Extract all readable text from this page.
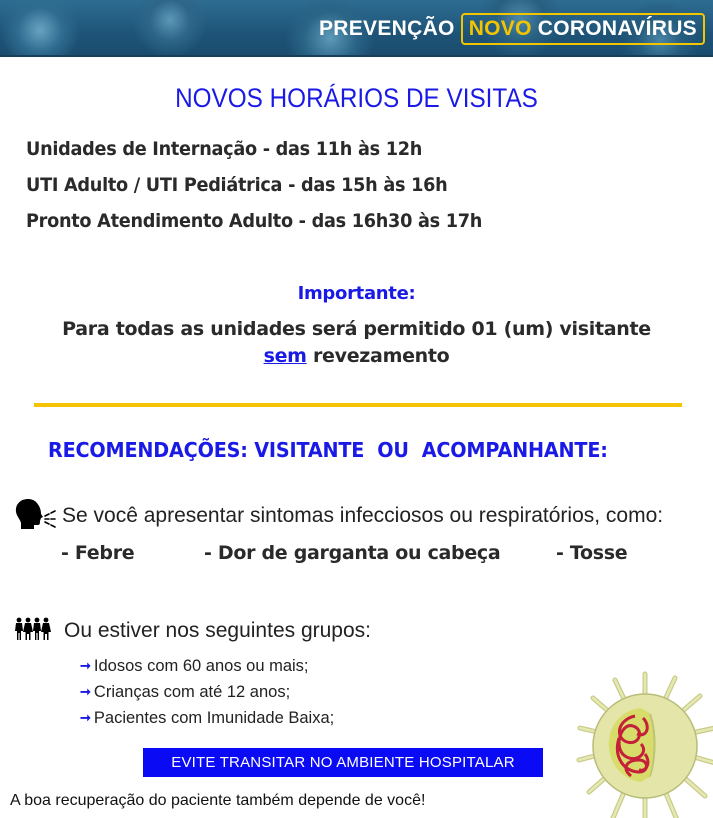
PREVENÇÃO NOVO CORONAVÍRUS
NOVOS HORÁRIOS DE VISITAS
Unidades de Internação - das 11h às 12h
UTI Adulto / UTI Pediátrica - das 15h às 16h
Pronto Atendimento Adulto - das 16h30 às 17h
Importante:
Para todas as unidades será permitido 01 (um) visitante
sem revezamento
RECOMENDAÇÕES: VISITANTE  OU  ACOMPANHANTE:
Se você apresentar sintomas infecciosos ou respiratórios, como:
- Febre	- Dor de garganta ou cabeça	- Tosse
Ou estiver nos seguintes grupos:
➞ Idosos com 60 anos ou mais;
➞ Crianças com até 12 anos;
➞ Pacientes com Imunidade Baixa;
EVITE TRANSITAR NO AMBIENTE HOSPITALAR
A boa recuperação do paciente também depende de você!
